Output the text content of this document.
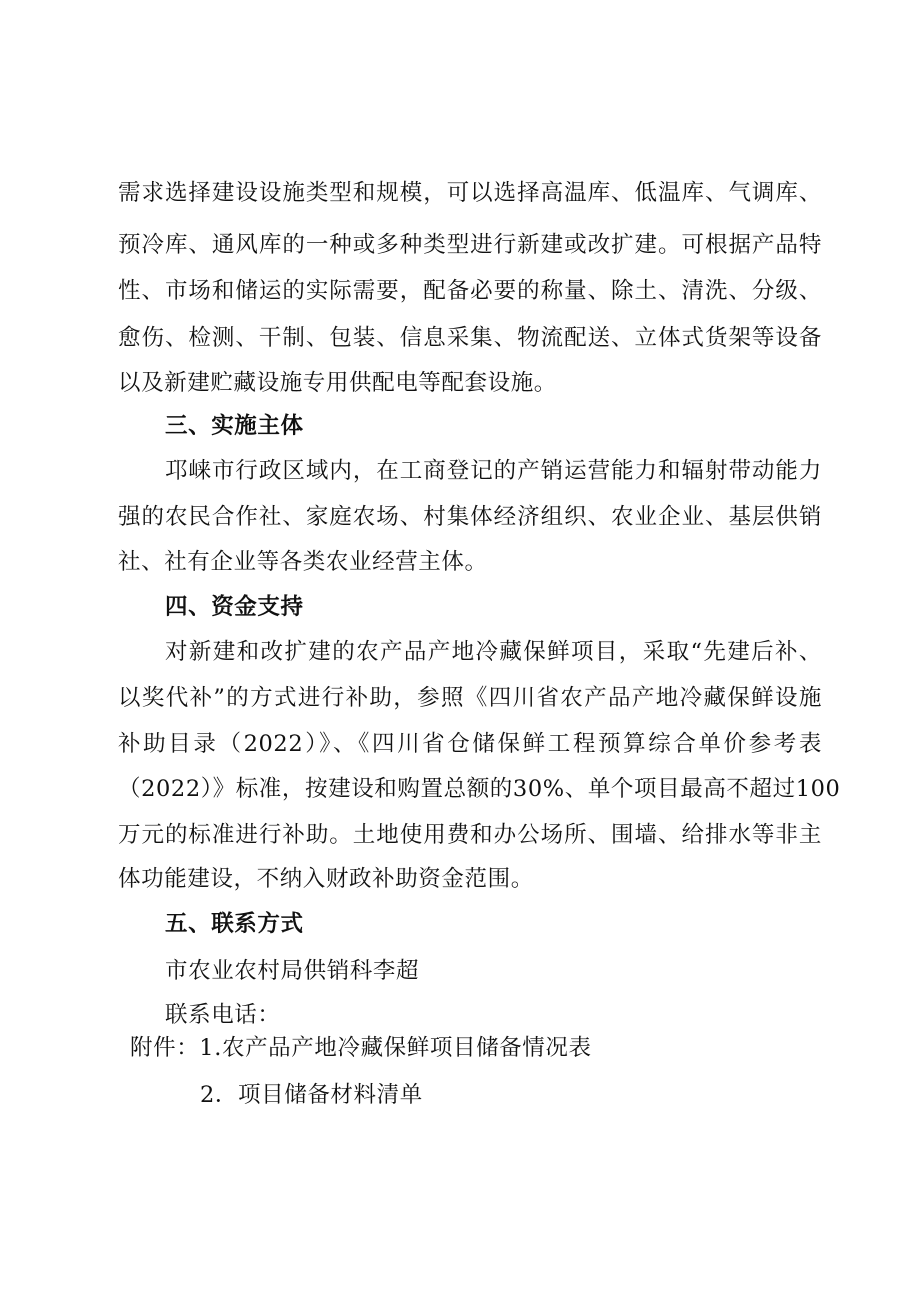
需求选择建设设施类型和规模，可以选择高温库、低温库、气调库、
预冷库、通风库的一种或多种类型进行新建或改扩建。可根据产品特
性、市场和储运的实际需要，配备必要的称量、除土、清洗、分级、
愈伤、检测、干制、包装、信息采集、物流配送、立体式货架等设备
以及新建贮藏设施专用供配电等配套设施。
三、实施主体
邛崃市行政区域内，在工商登记的产销运营能力和辐射带动能力
强的农民合作社、家庭农场、村集体经济组织、农业企业、基层供销
社、社有企业等各类农业经营主体。
四、资金支持
对新建和改扩建的农产品产地冷藏保鲜项目，采取“先建后补、
以奖代补”的方式进行补助，参照《四川省农产品产地冷藏保鲜设施
补助目录（2022）》、《四川省仓储保鲜工程预算综合单价参考表
（2022）》标准，按建设和购置总额的30%、单个项目最高不超过100
万元的标准进行补助。土地使用费和办公场所、围墙、给排水等非主
体功能建设，不纳入财政补助资金范围。
五、联系方式
市农业农村局供销科李超
联系电话：
附件：1.农产品产地冷藏保鲜项目储备情况表
2．项目储备材料清单
